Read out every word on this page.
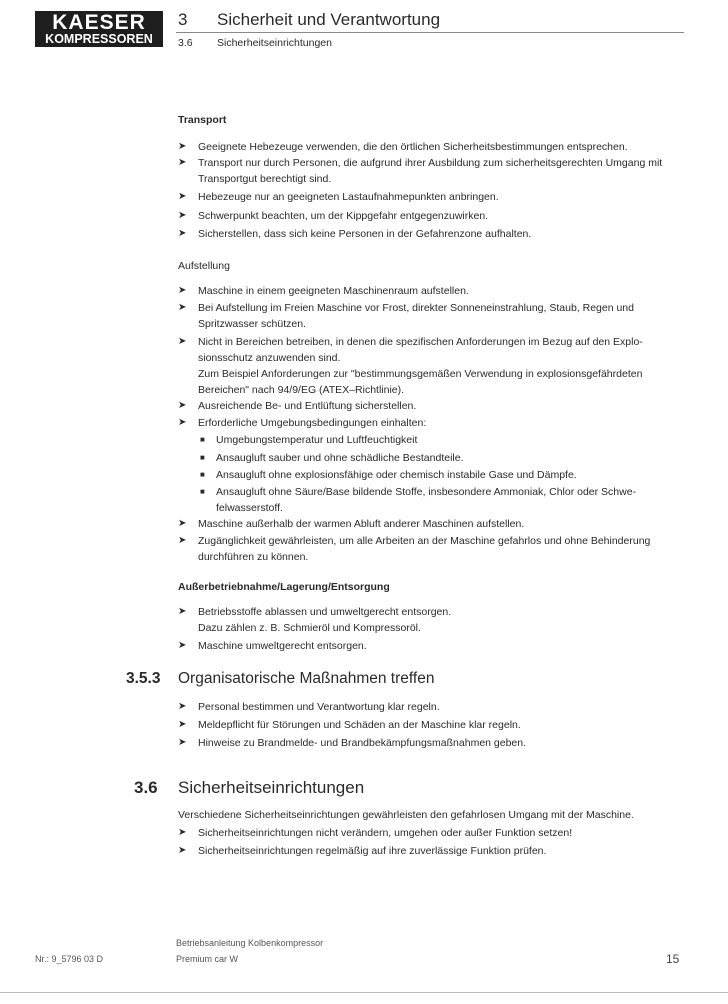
KAESER
KOMPRESSOREN
3 Sicherheit und Verantwortung
3.6 Sicherheitseinrichtungen
Transport
➤ Geeignete Hebezeuge verwenden, die den örtlichen Sicherheitsbestimmungen entsprechen.
➤ Transport nur durch Personen, die aufgrund ihrer Ausbildung zum sicherheitsgerechten Umgang mit Transportgut berechtigt sind.
➤ Hebezeuge nur an geeigneten Lastaufnahmepunkten anbringen.
➤ Schwerpunkt beachten, um der Kippgefahr entgegenzuwirken.
➤ Sicherstellen, dass sich keine Personen in der Gefahrenzone aufhalten.
Aufstellung
➤ Maschine in einem geeigneten Maschinenraum aufstellen.
➤ Bei Aufstellung im Freien Maschine vor Frost, direkter Sonneneinstrahlung, Staub, Regen und Spritzwasser schützen.
➤ Nicht in Bereichen betreiben, in denen die spezifischen Anforderungen im Bezug auf den Explo-sionsschutz anzuwenden sind.
Zum Beispiel Anforderungen zur "bestimmungsgemäßen Verwendung in explosionsgefährdeten Bereichen" nach 94/9/EG (ATEX–Richtlinie).
➤ Ausreichende Be- und Entlüftung sicherstellen.
➤ Erforderliche Umgebungsbedingungen einhalten:
■ Umgebungstemperatur und Luftfeuchtigkeit
■ Ansaugluft sauber und ohne schädliche Bestandteile.
■ Ansaugluft ohne explosionsfähige oder chemisch instabile Gase und Dämpfe.
■ Ansaugluft ohne Säure/Base bildende Stoffe, insbesondere Ammoniak, Chlor oder Schwe-felwasserstoff.
➤ Maschine außerhalb der warmen Abluft anderer Maschinen aufstellen.
➤ Zugänglichkeit gewährleisten, um alle Arbeiten an der Maschine gefahrlos und ohne Behinderung durchführen zu können.
Außerbetriebnahme/Lagerung/Entsorgung
➤ Betriebsstoffe ablassen und umweltgerecht entsorgen.
Dazu zählen z. B. Schmieröl und Kompressoröl.
➤ Maschine umweltgerecht entsorgen.
3.5.3 Organisatorische Maßnahmen treffen
➤ Personal bestimmen und Verantwortung klar regeln.
➤ Meldepflicht für Störungen und Schäden an der Maschine klar regeln.
➤ Hinweise zu Brandmelde- und Brandbekämpfungsmaßnahmen geben.
3.6 Sicherheitseinrichtungen
Verschiedene Sicherheitseinrichtungen gewährleisten den gefahrlosen Umgang mit der Maschine.
➤ Sicherheitseinrichtungen nicht verändern, umgehen oder außer Funktion setzen!
➤ Sicherheitseinrichtungen regelmäßig auf ihre zuverlässige Funktion prüfen.
Nr.: 9_5796 03 D
Betriebsanleitung Kolbenkompressor
Premium car W	15
